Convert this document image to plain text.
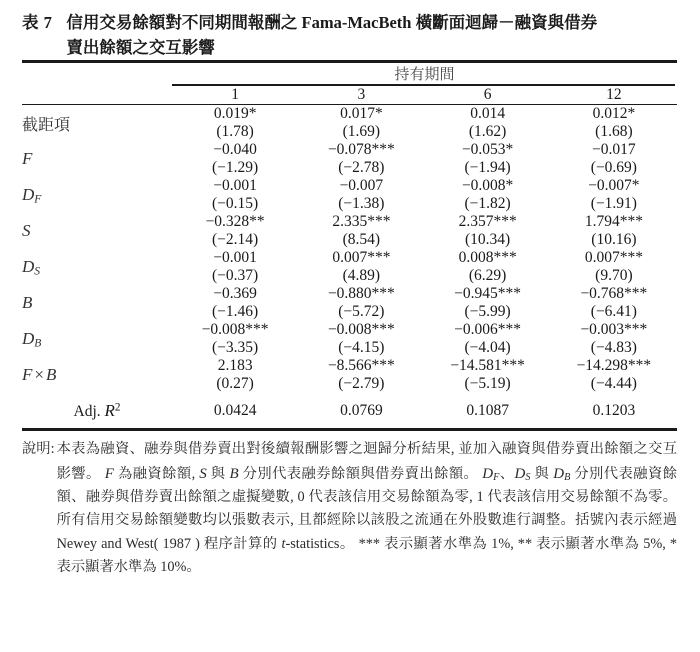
表 7 信用交易餘額對不同期間報酬之 Fama-MacBeth 橫斷面迴歸－融資與借券
賣出餘額之交互影響
	持有期間			

	1	3	6	12

截距項	0.019*	0.017*	0.014	0.012*
	(1.78)	(1.69)	(1.62)	(1.68)
F	−0.040	−0.078***	−0.053*	−0.017
	(−1.29)	(−2.78)	(−1.94)	(−0.69)
$D_F$	−0.001	−0.007	−0.008*	−0.007*
	(−0.15)	(−1.38)	(−1.82)	(−1.91)
S	−0.328**	2.335***	2.357***	1.794***
	(−2.14)	(8.54)	(10.34)	(10.16)
$D_S$	−0.001	0.007***	0.008***	0.007***
	(−0.37)	(4.89)	(6.29)	(9.70)
B	−0.369	−0.880***	−0.945***	−0.768***
	(−1.46)	(−5.72)	(−5.99)	(−6.41)
$D_B$	−0.008***	−0.008***	−0.006***	−0.003***
	(−3.35)	(−4.15)	(−4.04)	(−4.83)
F × B	2.183	−8.566***	−14.581***	−14.298***
	(0.27)	(−2.79)	(−5.19)	(−4.44)
Adj. $R^2$	0.0424	0.0769	0.1087	0.1203
說明: 本表為融資、融券與借券賣出對後續報酬影響之迴歸分析結果, 並加入融資與借券賣出餘額之交互影響。 F 為融資餘額, S 與 B 分別代表融券餘額與借券賣出餘額。 $D_F$、$D_S$ 與 $D_B$ 分別代表融資餘額、融券與借券賣出餘額之虛擬變數, 0 代表該信用交易餘額為零, 1 代表該信用交易餘額不為零。所有信用交易餘額變數均以張數表示, 且都經除以該股之流通在外股數進行調整。括號內表示經過 Newey and West( 1987 ) 程序計算的 t-statistics。 *** 表示顯著水準為 1%, ** 表示顯著水準為 5%, * 表示顯著水準為 10%。
